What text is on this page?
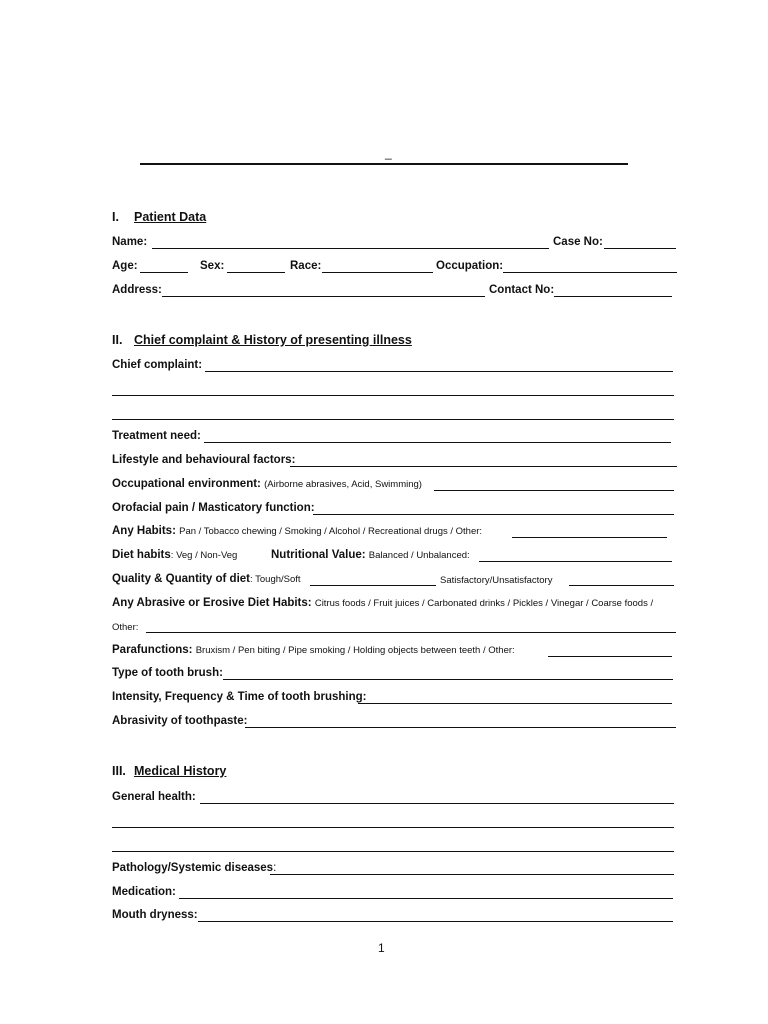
_
I. Patient Data
Name:	Case No:
Age:	Sex:	Race:	Occupation:
Address:	Contact No:
II. Chief complaint & History of presenting illness
Chief complaint:
Treatment need:
Lifestyle and behavioural factors:
Occupational environment: (Airborne abrasives, Acid, Swimming)
Orofacial pain / Masticatory function:
Any Habits: Pan / Tobacco chewing / Smoking / Alcohol / Recreational drugs / Other:
Diet habits: Veg / Non-Veg	Nutritional Value: Balanced / Unbalanced:
Quality & Quantity of diet: Tough/Soft	Satisfactory/Unsatisfactory
Any Abrasive or Erosive Diet Habits: Citrus foods / Fruit juices / Carbonated drinks / Pickles / Vinegar / Coarse foods /
Other:
Parafunctions: Bruxism / Pen biting / Pipe smoking / Holding objects between teeth / Other:
Type of tooth brush:
Intensity, Frequency & Time of tooth brushing:
Abrasivity of toothpaste:
III. Medical History
General health:
Pathology/Systemic diseases:
Medication:
Mouth dryness:
1
